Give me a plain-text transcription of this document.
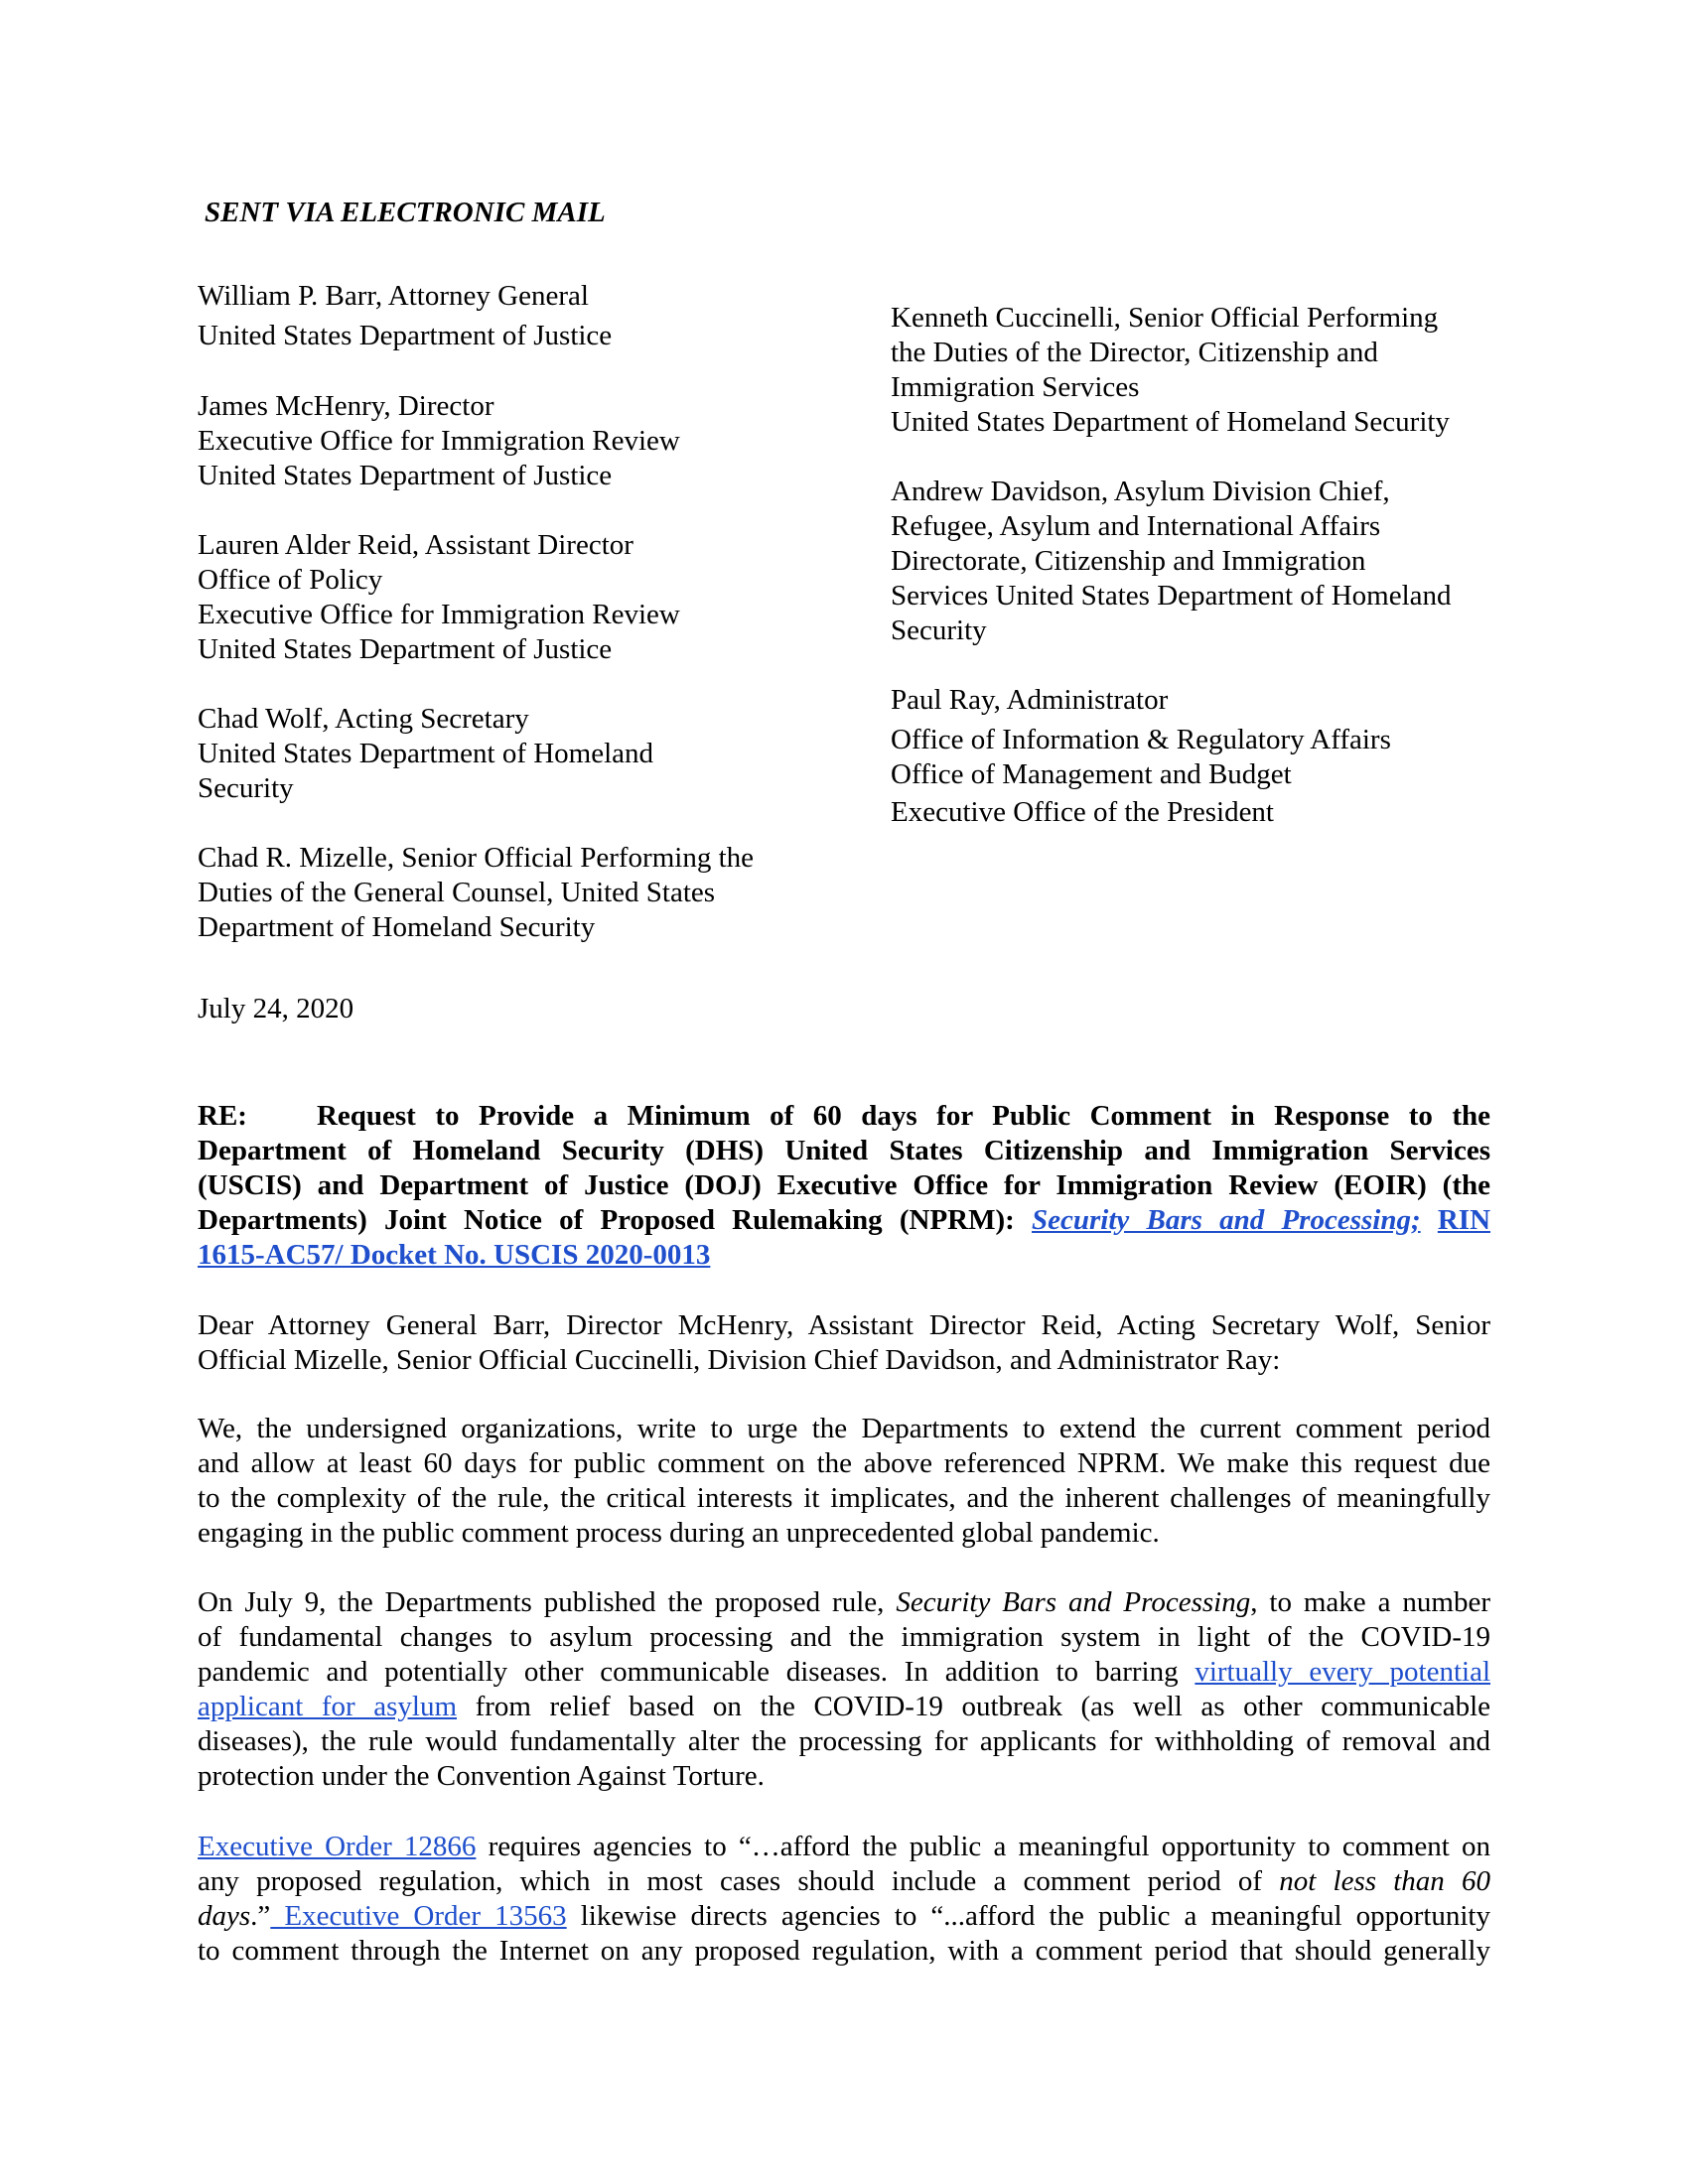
SENT VIA ELECTRONIC MAIL
William P. Barr, Attorney General
United States Department of Justice
James McHenry, Director
Executive Office for Immigration Review
United States Department of Justice
Lauren Alder Reid, Assistant Director
Office of Policy
Executive Office for Immigration Review
United States Department of Justice
Chad Wolf, Acting Secretary
United States Department of Homeland
Security
Chad R. Mizelle, Senior Official Performing the
Duties of the General Counsel, United States
Department of Homeland Security
Kenneth Cuccinelli, Senior Official Performing
the Duties of the Director, Citizenship and
Immigration Services
United States Department of Homeland Security
Andrew Davidson, Asylum Division Chief,
Refugee, Asylum and International Affairs
Directorate, Citizenship and Immigration
Services United States Department of Homeland
Security
Paul Ray, Administrator
Office of Information & Regulatory Affairs
Office of Management and Budget
Executive Office of the President
July 24, 2020
RE: Request to Provide a Minimum of 60 days for Public Comment in Response to the
Department of Homeland Security (DHS) United States Citizenship and Immigration Services
(USCIS) and Department of Justice (DOJ) Executive Office for Immigration Review (EOIR) (the
Departments) Joint Notice of Proposed Rulemaking (NPRM): Security Bars and Processing; RIN
1615-AC57/ Docket No. USCIS 2020-0013
Dear Attorney General Barr, Director McHenry, Assistant Director Reid, Acting Secretary Wolf, Senior
Official Mizelle, Senior Official Cuccinelli, Division Chief Davidson, and Administrator Ray:
We, the undersigned organizations, write to urge the Departments to extend the current comment period
and allow at least 60 days for public comment on the above referenced NPRM. We make this request due
to the complexity of the rule, the critical interests it implicates, and the inherent challenges of meaningfully
engaging in the public comment process during an unprecedented global pandemic.
On July 9, the Departments published the proposed rule, Security Bars and Processing, to make a number
of fundamental changes to asylum processing and the immigration system in light of the COVID-19
pandemic and potentially other communicable diseases. In addition to barring virtually every potential
applicant for asylum from relief based on the COVID-19 outbreak (as well as other communicable
diseases), the rule would fundamentally alter the processing for applicants for withholding of removal and
protection under the Convention Against Torture.
Executive Order 12866 requires agencies to “…afford the public a meaningful opportunity to comment on
any proposed regulation, which in most cases should include a comment period of not less than 60
days.” Executive Order 13563 likewise directs agencies to “...afford the public a meaningful opportunity
to comment through the Internet on any proposed regulation, with a comment period that should generally
